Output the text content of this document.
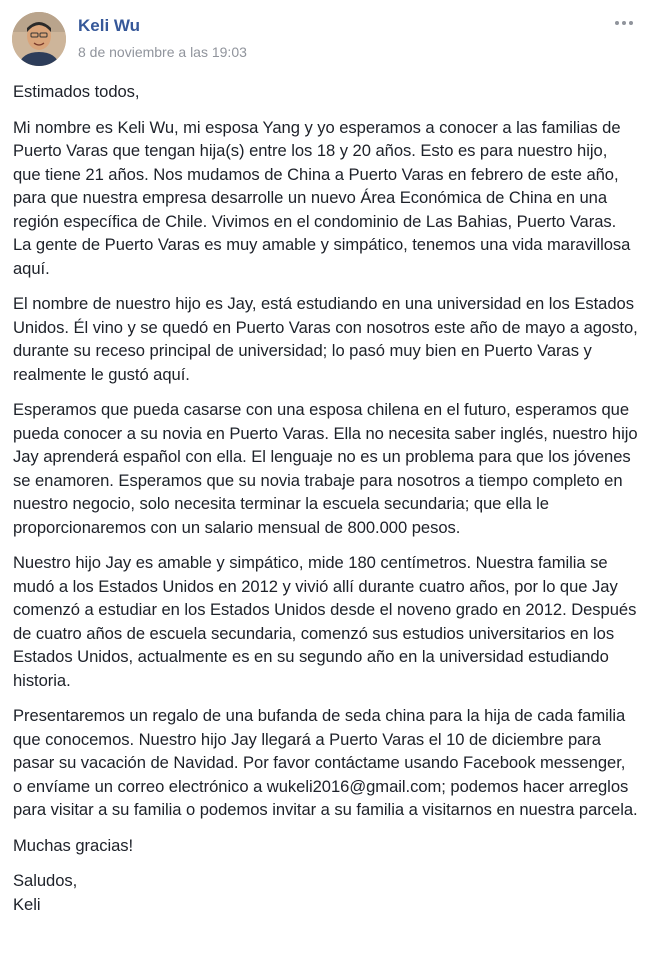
Keli Wu
8 de noviembre a las 19:03

Estimados todos,

Mi nombre es Keli Wu, mi esposa Yang y yo esperamos a conocer a las familias de Puerto Varas que tengan hija(s) entre los 18 y 20 años. Esto es para nuestro hijo, que tiene 21 años. Nos mudamos de China a Puerto Varas en febrero de este año, para que nuestra empresa desarrolle un nuevo Área Económica de China en una región específica de Chile. Vivimos en el condominio de Las Bahias, Puerto Varas. La gente de Puerto Varas es muy amable y simpático, tenemos una vida maravillosa aquí.

El nombre de nuestro hijo es Jay, está estudiando en una universidad en los Estados Unidos. Él vino y se quedó en Puerto Varas con nosotros este año de mayo a agosto, durante su receso principal de universidad; lo pasó muy bien en Puerto Varas y realmente le gustó aquí.

Esperamos que pueda casarse con una esposa chilena en el futuro, esperamos que pueda conocer a su novia en Puerto Varas. Ella no necesita saber inglés, nuestro hijo Jay aprenderá español con ella. El lenguaje no es un problema para que los jóvenes se enamoren. Esperamos que su novia trabaje para nosotros a tiempo completo en nuestro negocio, solo necesita terminar la escuela secundaria; que ella le proporcionaremos con un salario mensual de 800.000 pesos.

Nuestro hijo Jay es amable y simpático, mide 180 centímetros. Nuestra familia se mudó a los Estados Unidos en 2012 y vivió allí durante cuatro años, por lo que Jay comenzó a estudiar en los Estados Unidos desde el noveno grado en 2012. Después de cuatro años de escuela secundaria, comenzó sus estudios universitarios en los Estados Unidos, actualmente es en su segundo año en la universidad estudiando historia.

Presentaremos un regalo de una bufanda de seda china para la hija de cada familia que conocemos. Nuestro hijo Jay llegará a Puerto Varas el 10 de diciembre para pasar su vacación de Navidad. Por favor contáctame usando Facebook messenger, o envíame un correo electrónico a wukeli2016@gmail.com; podemos hacer arreglos para visitar a su familia o podemos invitar a su familia a visitarnos en nuestra parcela.

Muchas gracias!

Saludos,

Keli
